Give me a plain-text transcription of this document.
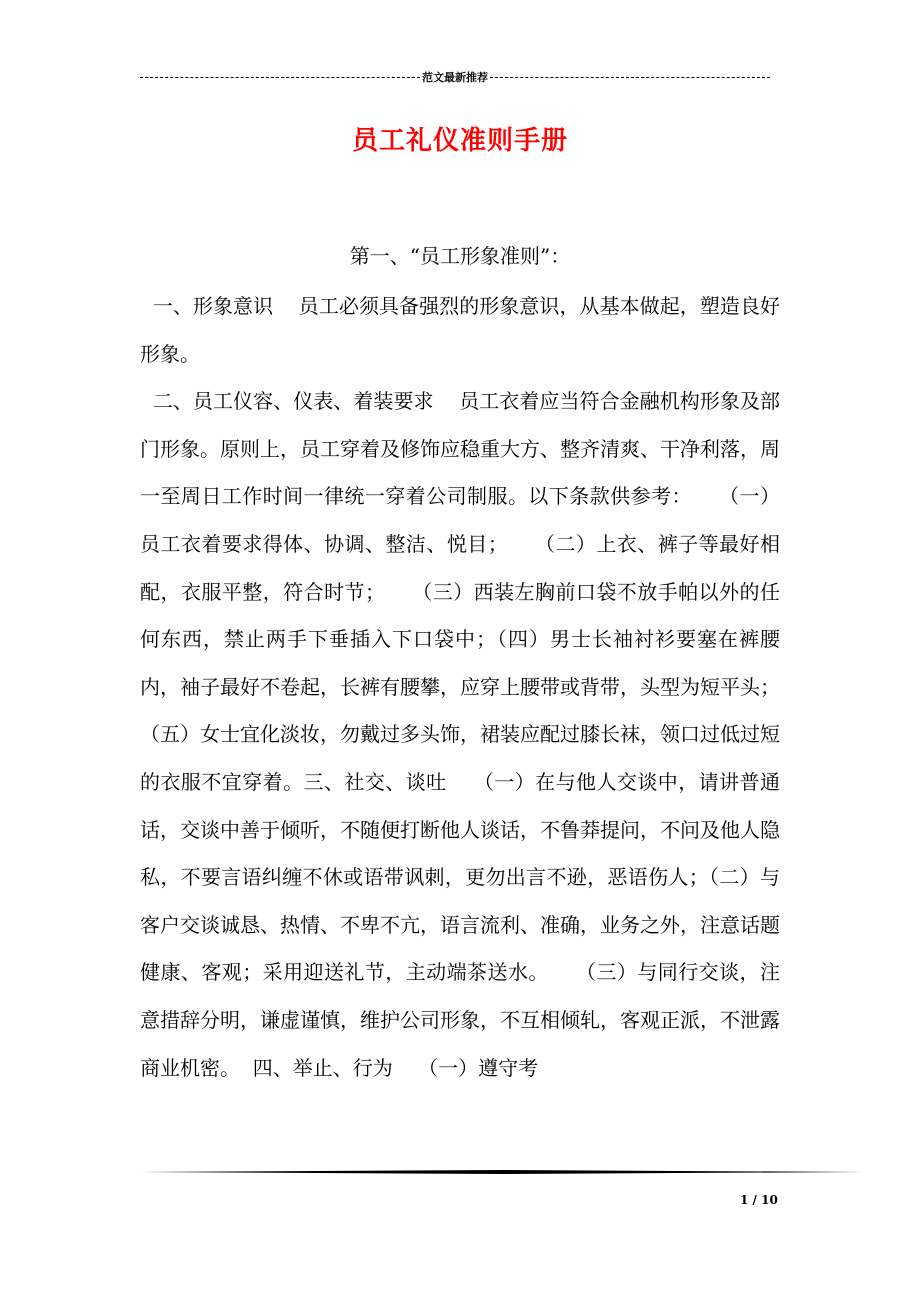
范文最新推荐
员工礼仪准则手册
第一、“员工形象准则”：
一、形象意识    员工必须具备强烈的形象意识，从基本做起，塑造良好形象。
二、员工仪容、仪表、着装要求    员工衣着应当符合金融机构形象及部门形象。原则上，员工穿着及修饰应稳重大方、整齐清爽、干净利落，周一至周日工作时间一律统一穿着公司制服。以下条款供参考：    （一）员工衣着要求得体、协调、整洁、悦目；    （二）上衣、裤子等最好相配，衣服平整，符合时节；    （三）西装左胸前口袋不放手帕以外的任何东西，禁止两手下垂插入下口袋中；（四）男士长袖衬衫要塞在裤腰内，袖子最好不卷起，长裤有腰攀，应穿上腰带或背带，头型为短平头；    （五）女士宜化淡妆，勿戴过多头饰，裙装应配过膝长袜，领口过低过短的衣服不宜穿着。三、社交、谈吐    （一）在与他人交谈中，请讲普通话，交谈中善于倾听，不随便打断他人谈话，不鲁莽提问，不问及他人隐私，不要言语纠缠不休或语带讽刺，更勿出言不逊，恶语伤人；（二）与客户交谈诚恳、热情、不卑不亢，语言流利、准确，业务之外，注意话题健康、客观；采用迎送礼节，主动端茶送水。    （三）与同行交谈，注意措辞分明，谦虚谨慎，维护公司形象，不互相倾轧，客观正派，不泄露商业机密。  四、举止、行为    （一）遵守考
1 / 10
